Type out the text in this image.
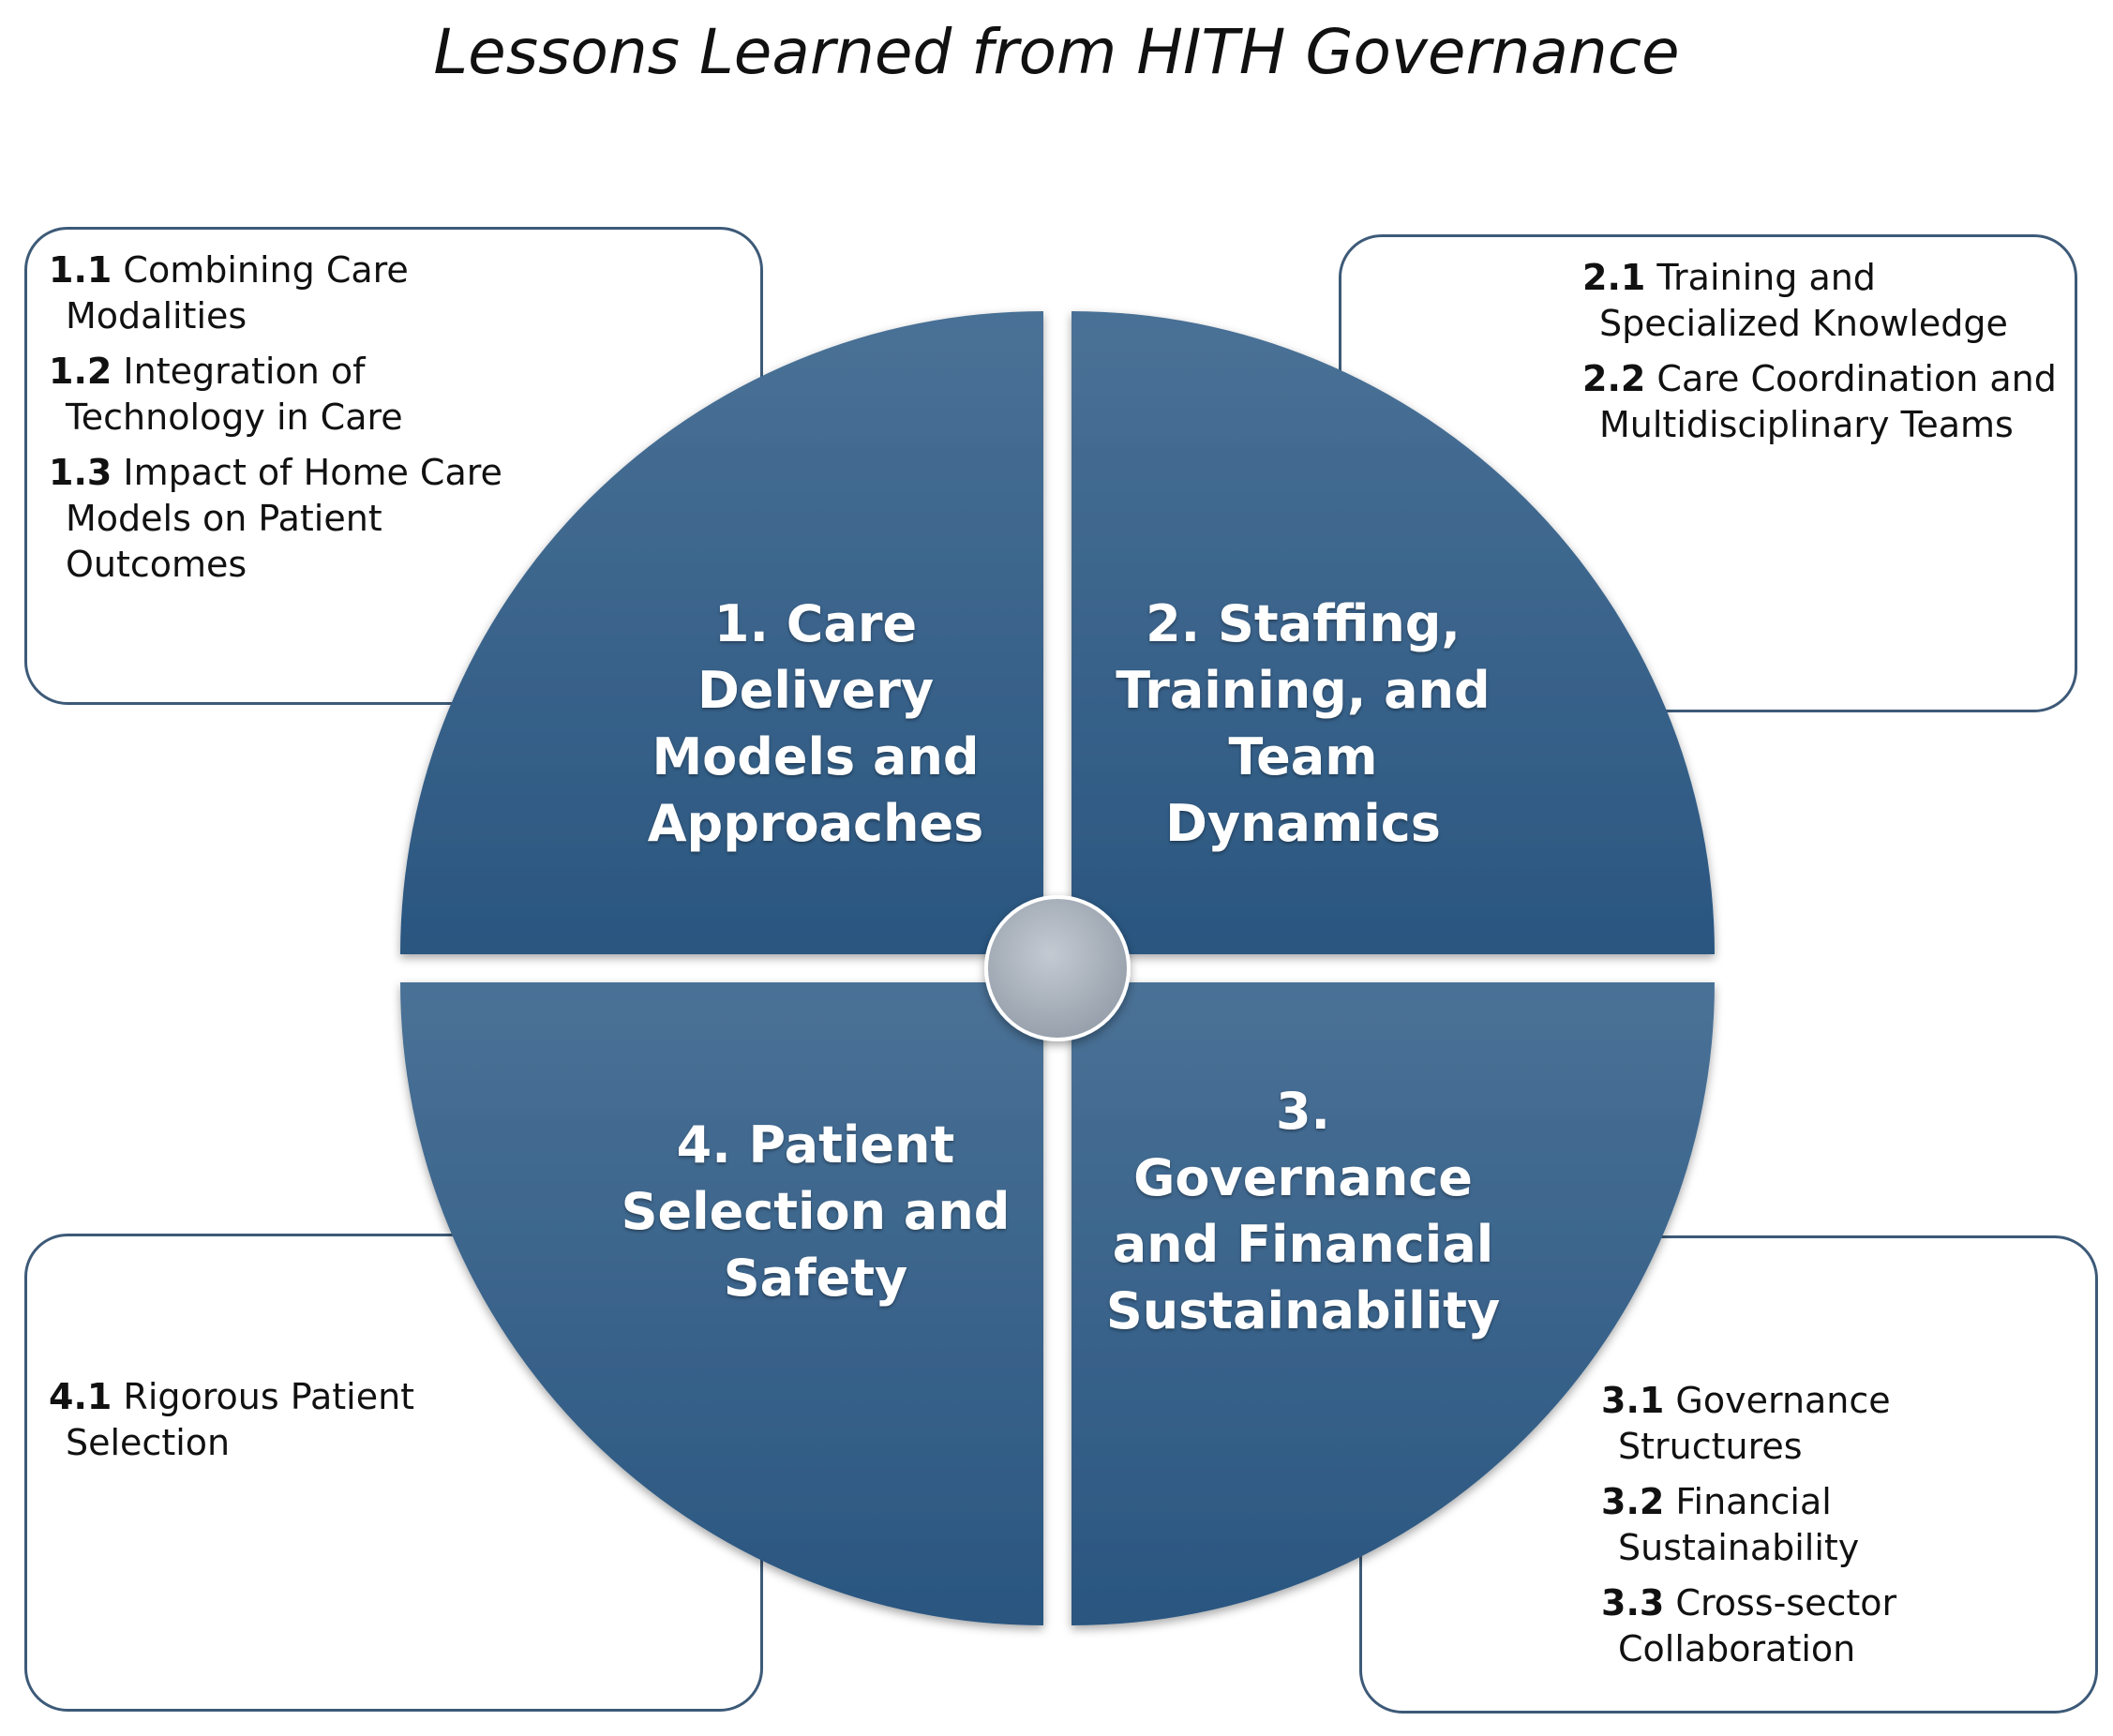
Lessons Learned from HITH Governance
1. Care
Delivery
Models and
Approaches
2. Staffing,
Training, and
Team
Dynamics
3.
Governance
and Financial
Sustainability
4. Patient
Selection and
Safety
1.1 Combining Care Modalities
1.2 Integration of Technology in Care
1.3 Impact of Home Care Models on Patient Outcomes
2.1 Training and Specialized Knowledge
2.2 Care Coordination and Multidisciplinary Teams
4.1 Rigorous Patient Selection
3.1 Governance Structures
3.2 Financial Sustainability
3.3 Cross-sector Collaboration
